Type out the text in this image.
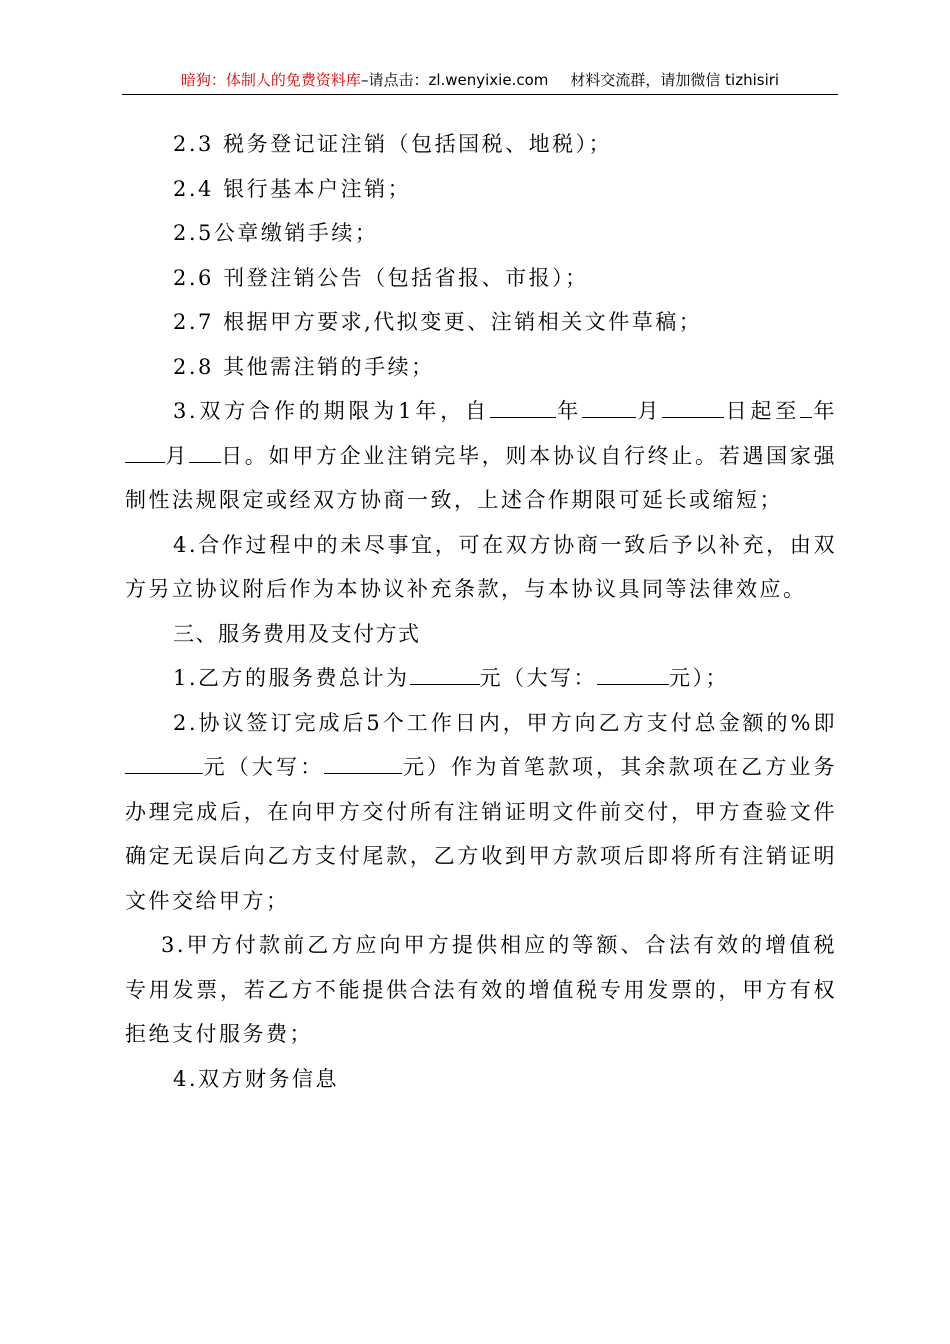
暗狗：体制人的免费资料库–请点击：zl.wenyixie.com 材料交流群，请加微信 tizhisiri

2.3 税务登记证注销（包括国税、地税）；

2.4 银行基本户注销；

2.5公章缴销手续；

2.6 刊登注销公告（包括省报、市报）；

2.7 根据甲方要求,代拟变更、注销相关文件草稿；

2.8 其他需注销的手续；

3.双方合作的期限为1年，自	年	月	日起至 年月 日。如甲方企业注销完毕，则本协议自行终止。若遇国家强制性法规限定或经双方协商一致，上述合作期限可延长或缩短；

4.合作过程中的未尽事宜，可在双方协商一致后予以补充，由双方另立协议附后作为本协议补充条款，与本协议具同等法律效应。

三、服务费用及支付方式

1.乙方的服务费总计为	元（大写：	元）；

2.协议签订完成后5个工作日内，甲方向乙方支付总金额的%即元（大写：	元）作为首笔款项，其余款项在乙方业务办理完成后，在向甲方交付所有注销证明文件前交付，甲方查验文件确定无误后向乙方支付尾款，乙方收到甲方款项后即将所有注销证明文件交给甲方；

3.甲方付款前乙方应向甲方提供相应的等额、合法有效的增值税专用发票，若乙方不能提供合法有效的增值税专用发票的，甲方有权拒绝支付服务费；

4.双方财务信息
